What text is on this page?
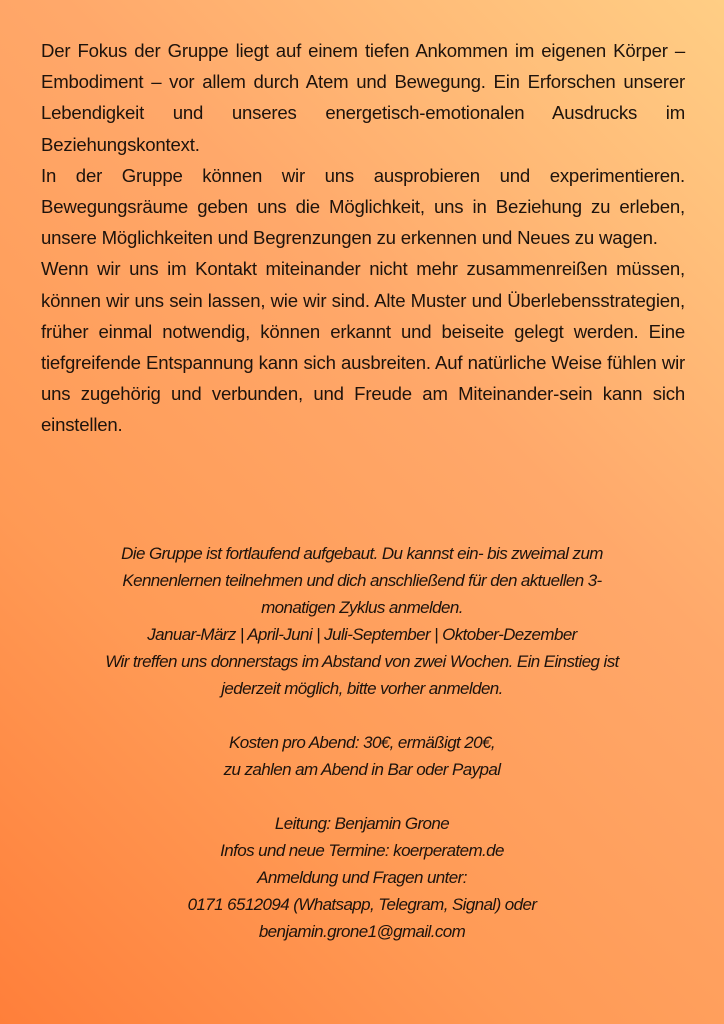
Der Fokus der Gruppe liegt auf einem tiefen Ankommen im eigenen Körper – Embodiment – vor allem durch Atem und Bewegung. Ein Erforschen unserer Lebendigkeit und unseres energetisch-emotionalen Ausdrucks im Beziehungskontext.

In der Gruppe können wir uns ausprobieren und experimentieren. Bewegungsräume geben uns die Möglichkeit, uns in Beziehung zu erleben, unsere Möglichkeiten und Begrenzungen zu erkennen und Neues zu wagen.

Wenn wir uns im Kontakt miteinander nicht mehr zusammenreißen müssen, können wir uns sein lassen, wie wir sind. Alte Muster und Überlebensstrategien, früher einmal notwendig, können erkannt und beiseite gelegt werden. Eine tiefgreifende Entspannung kann sich ausbreiten. Auf natürliche Weise fühlen wir uns zugehörig und verbunden, und Freude am Miteinander-sein kann sich einstellen.

Die Gruppe ist fortlaufend aufgebaut. Du kannst ein- bis zweimal zum

Kennenlernen teilnehmen und dich anschließend für den aktuellen 3-

monatigen Zyklus anmelden.

Januar-März | April-Juni | Juli-September | Oktober-Dezember

Wir treffen uns donnerstags im Abstand von zwei Wochen. Ein Einstieg ist

jederzeit möglich, bitte vorher anmelden.

Kosten pro Abend: 30€, ermäßigt 20€,

zu zahlen am Abend in Bar oder Paypal

Leitung: Benjamin Grone

Infos und neue Termine: koerperatem.de

Anmeldung und Fragen unter:

0171 6512094 (Whatsapp, Telegram, Signal) oder

benjamin.grone1@gmail.com
